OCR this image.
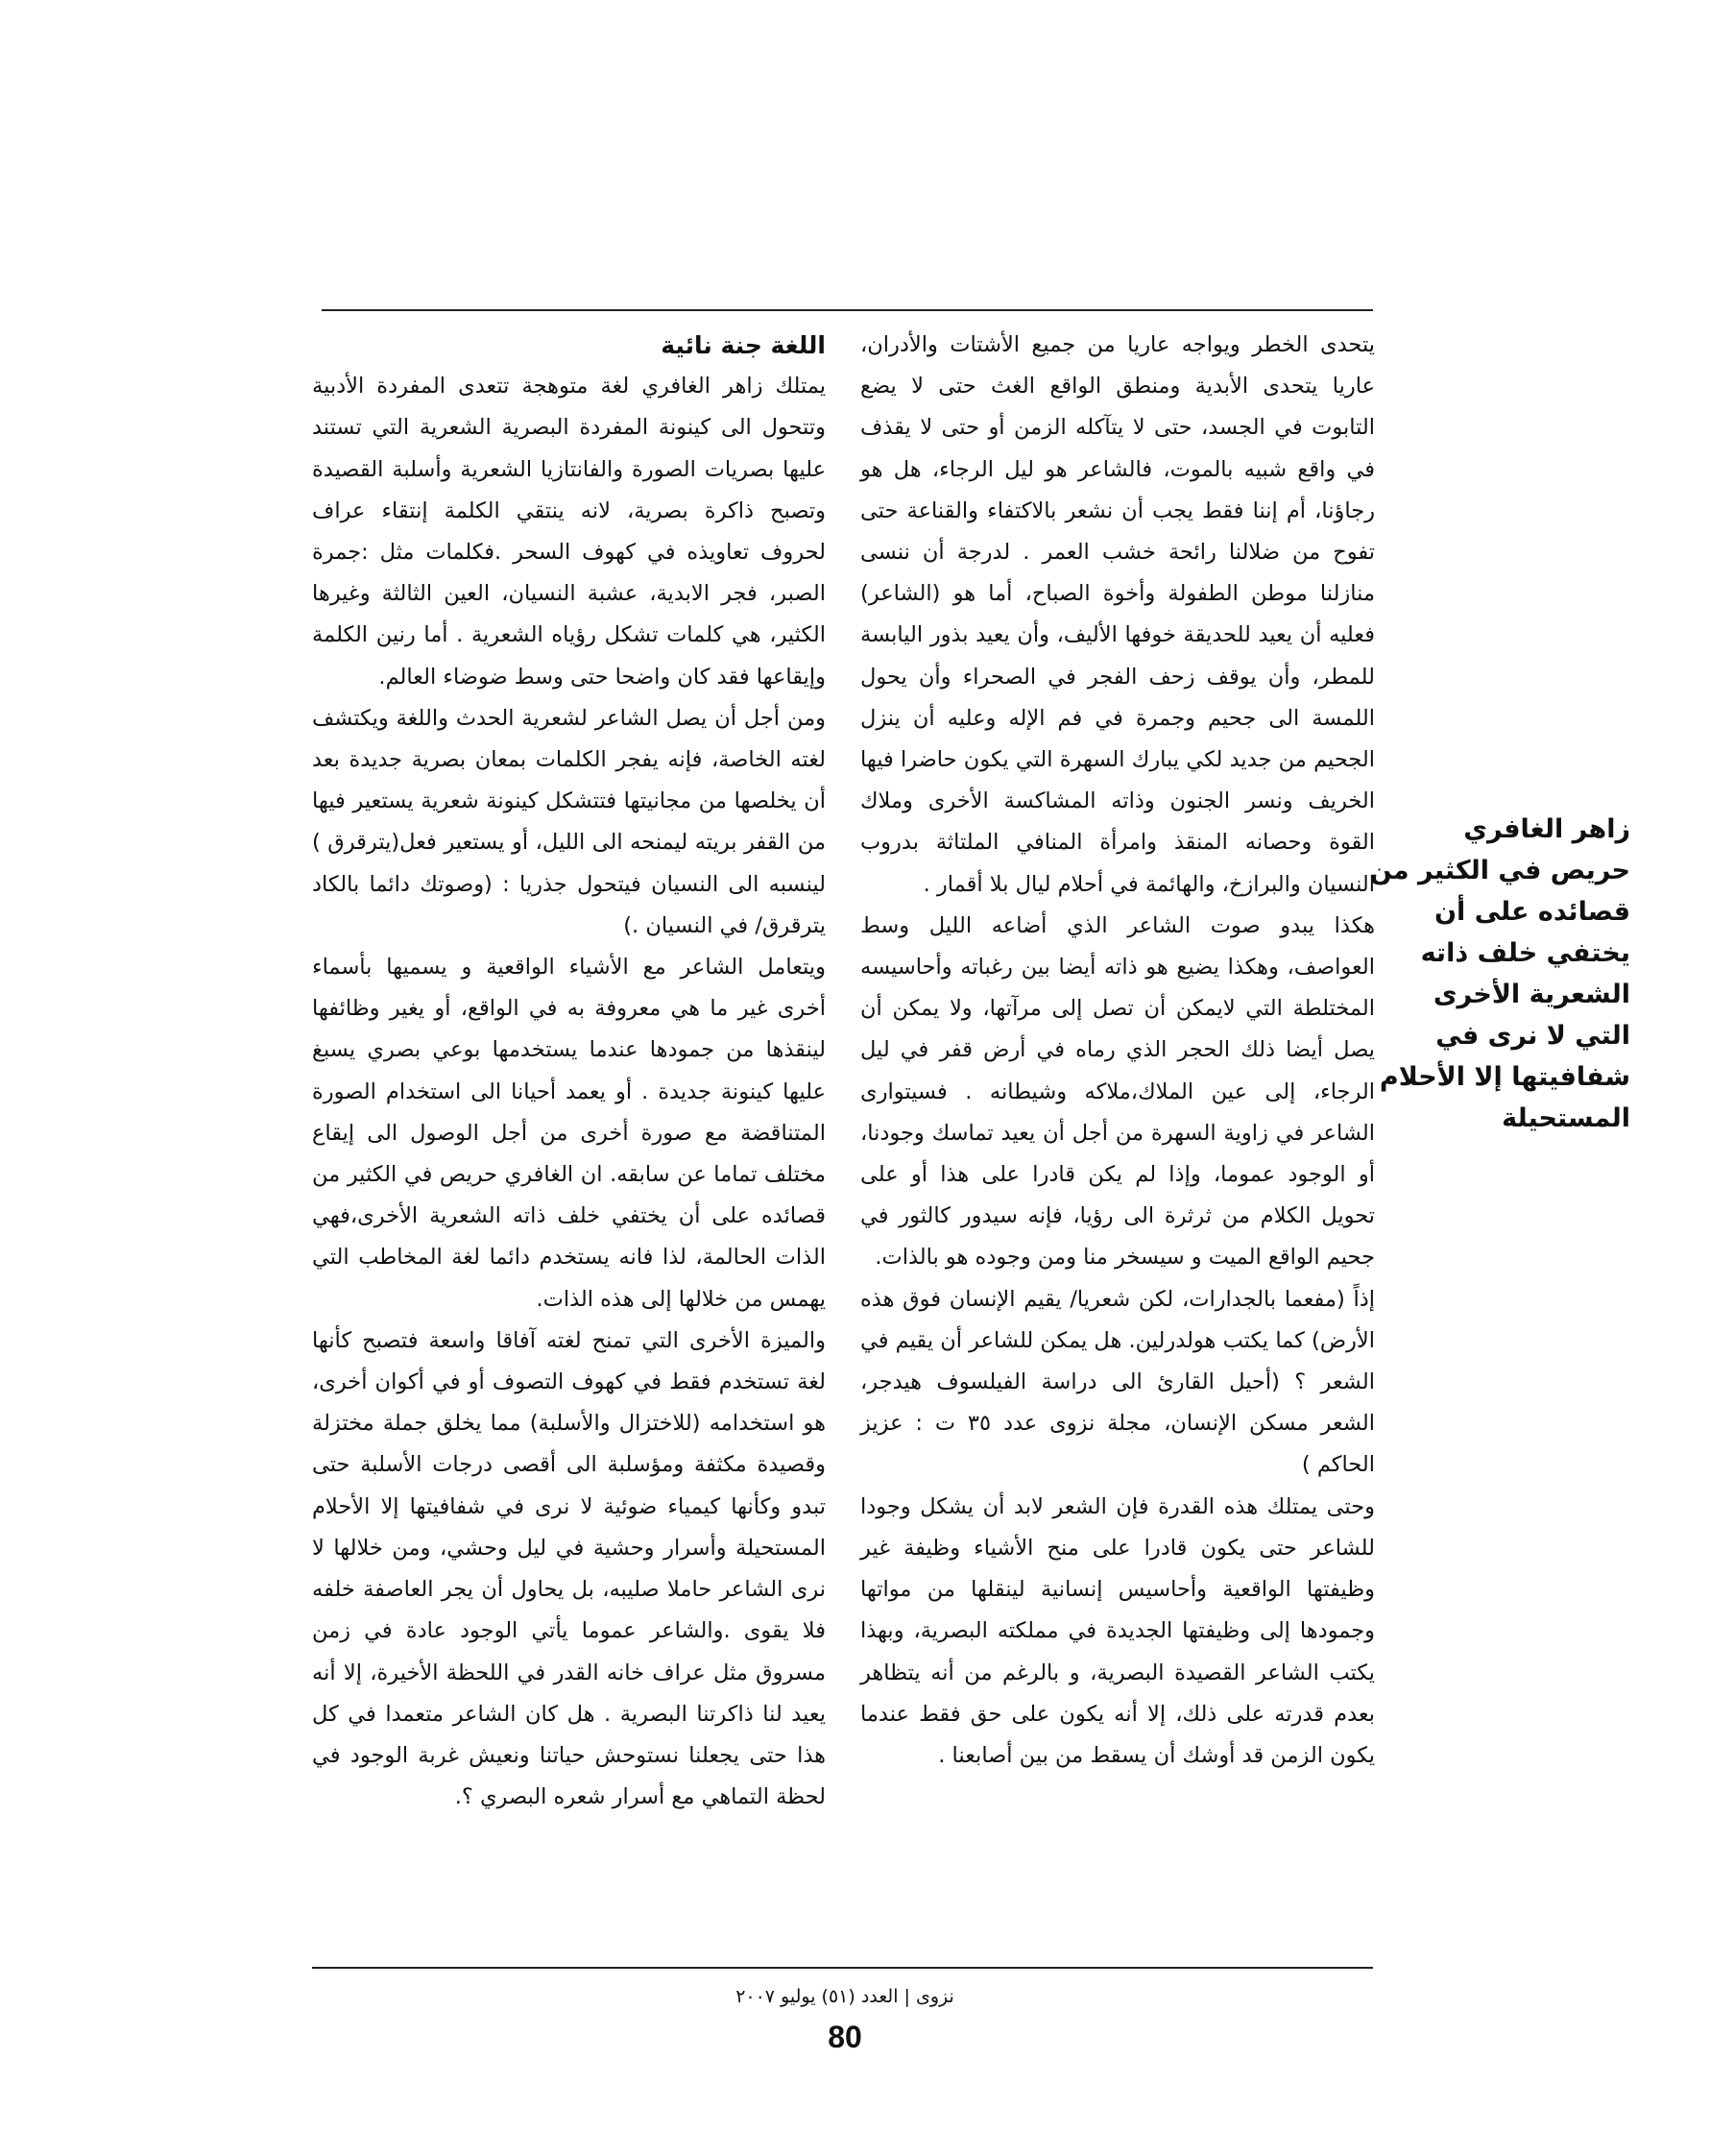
زاهر الغافري
حريص في الكثير من
قصائده على أن
يختفي خلف ذاته
الشعرية الأخرى
التي لا نرى في
شفافيتها إلا الأحلام
المستحيلة

يتحدى الخطر ويواجه عاريا من جميع الأشتات والأدران، عاريا يتحدى الأبدية ومنطق الواقع الغث حتى لا يضع التابوت في الجسد، حتى لا يتآكله الزمن أو حتى لا يقذف في واقع شبيه بالموت، فالشاعر هو ليل الرجاء، هل هو رجاؤنا، أم إننا فقط يجب أن نشعر بالاكتفاء والقناعة حتى تفوح من ضلالنا رائحة خشب العمر . لدرجة أن ننسى منازلنا موطن الطفولة وأخوة الصباح، أما هو (الشاعر) فعليه أن يعيد للحديقة خوفها الأليف، وأن يعيد بذور اليابسة للمطر، وأن يوقف زحف الفجر في الصحراء وأن يحول اللمسة الى جحيم وجمرة في فم الإله وعليه أن ينزل الجحيم من جديد لكي يبارك السهرة التي يكون حاضرا فيها الخريف ونسر الجنون وذاته المشاكسة الأخرى وملاك القوة وحصانه المنقذ وامرأة المنافي الملتاثة بدروب النسيان والبرازخ، والهائمة في أحلام ليال بلا أقمار .

هكذا يبدو صوت الشاعر الذي أضاعه الليل وسط العواصف، وهكذا يضيع هو ذاته أيضا بين رغباته وأحاسيسه المختلطة التي لايمكن أن تصل إلى مرآتها، ولا يمكن أن يصل أيضا ذلك الحجر الذي رماه في أرض قفر في ليل الرجاء، إلى عين الملاك،ملاكه وشيطانه . فسيتوارى الشاعر في زاوية السهرة من أجل أن يعيد تماسك وجودنا، أو الوجود عموما، وإذا لم يكن قادرا على هذا أو على تحويل الكلام من ثرثرة الى رؤيا، فإنه سيدور كالثور في جحيم الواقع الميت و سيسخر منا ومن وجوده هو بالذات.

إذاً (مفعما بالجدارات، لكن شعريا/ يقيم الإنسان فوق هذه الأرض) كما يكتب هولدرلين. هل يمكن للشاعر أن يقيم في الشعر ؟ (أحيل القارئ الى دراسة الفيلسوف هيدجر، الشعر مسكن الإنسان، مجلة نزوى عدد ٣٥ ت : عزيز الحاكم )

وحتى يمتلك هذه القدرة فإن الشعر لابد أن يشكل وجودا للشاعر حتى يكون قادرا على منح الأشياء وظيفة غير وظيفتها الواقعية وأحاسيس إنسانية لينقلها من مواتها وجمودها إلى وظيفتها الجديدة في مملكته البصرية، وبهذا يكتب الشاعر القصيدة البصرية، و بالرغم من أنه يتظاهر بعدم قدرته على ذلك، إلا أنه يكون على حق فقط عندما يكون الزمن قد أوشك أن يسقط من بين أصابعنا .

اللغة جنة نائية

يمتلك زاهر الغافري لغة متوهجة تتعدى المفردة الأدبية وتتحول الى كينونة المفردة البصرية الشعرية التي تستند عليها بصريات الصورة والفانتازيا الشعرية وأسلبة القصيدة وتصبح ذاكرة بصرية، لانه ينتقي الكلمة إنتقاء عراف لحروف تعاويذه في كهوف السحر .فكلمات مثل :جمرة الصبر، فجر الابدية، عشبة النسيان، العين الثالثة وغيرها الكثير، هي كلمات تشكل رؤياه الشعرية . أما رنين الكلمة وإيقاعها فقد كان واضحا حتى وسط ضوضاء العالم.

ومن أجل أن يصل الشاعر لشعرية الحدث واللغة ويكتشف لغته الخاصة، فإنه يفجر الكلمات بمعان بصرية جديدة بعد أن يخلصها من مجانيتها فتتشكل كينونة شعرية يستعير فيها من القفر بريته ليمنحه الى الليل، أو يستعير فعل(يترقرق ) لينسبه الى النسيان فيتحول جذريا : (وصوتك دائما بالكاد يترقرق/ في النسيان .)

ويتعامل الشاعر مع الأشياء الواقعية و يسميها بأسماء أخرى غير ما هي معروفة به في الواقع، أو يغير وظائفها لينقذها من جمودها عندما يستخدمها بوعي بصري يسبغ عليها كينونة جديدة . أو يعمد أحيانا الى استخدام الصورة المتناقضة مع صورة أخرى من أجل الوصول الى إيقاع مختلف تماما عن سابقه. ان الغافري حريص في الكثير من قصائده على أن يختفي خلف ذاته الشعرية الأخرى،فهي الذات الحالمة، لذا فانه يستخدم دائما لغة المخاطب التي يهمس من خلالها إلى هذه الذات.

والميزة الأخرى التي تمنح لغته آفاقا واسعة فتصبح كأنها لغة تستخدم فقط في كهوف التصوف أو في أكوان أخرى، هو استخدامه (للاختزال والأسلبة) مما يخلق جملة مختزلة وقصيدة مكثفة ومؤسلبة الى أقصى درجات الأسلبة حتى تبدو وكأنها كيمياء ضوئية لا نرى في شفافيتها إلا الأحلام المستحيلة وأسرار وحشية في ليل وحشي، ومن خلالها لا نرى الشاعر حاملا صليبه، بل يحاول أن يجر العاصفة خلفه فلا يقوى .والشاعر عموما يأتي الوجود عادة في زمن مسروق مثل عراف خانه القدر في اللحظة الأخيرة، إلا أنه يعيد لنا ذاكرتنا البصرية . هل كان الشاعر متعمدا في كل هذا حتى يجعلنا نستوحش حياتنا ونعيش غربة الوجود في لحظة التماهي مع أسرار شعره البصري ؟.

نزوى | العدد (٥١) يوليو ٢٠٠٧
80
